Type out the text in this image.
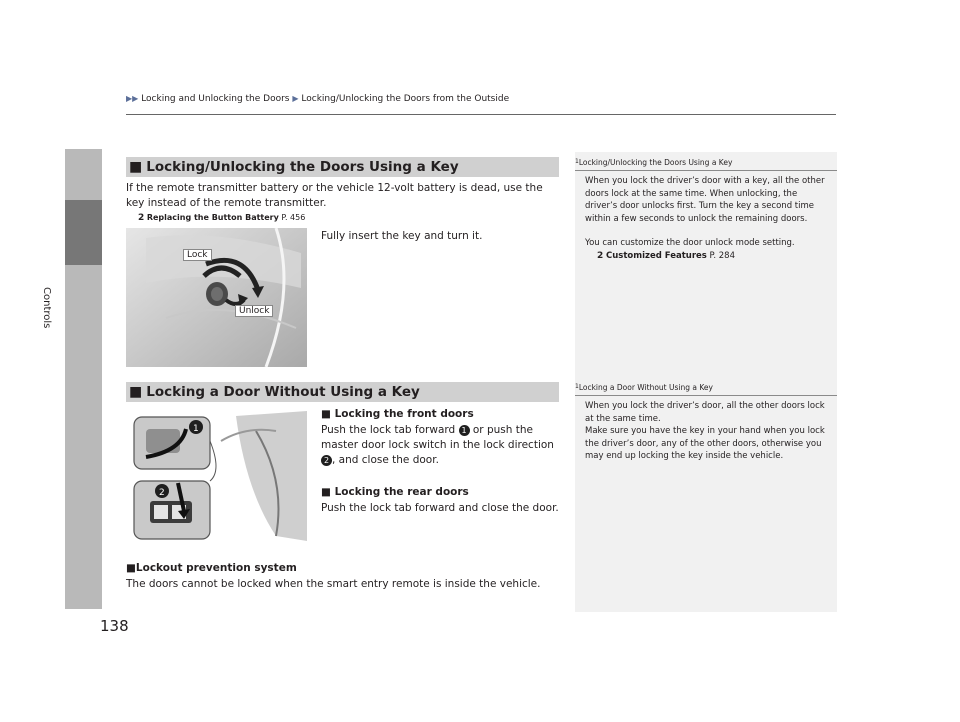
Controls
138
▶▶ Locking and Unlocking the Doors ▶ Locking/Unlocking the Doors from the Outside
■ Locking/Unlocking the Doors Using a Key
If the remote transmitter battery or the vehicle 12-volt battery is dead, use the key instead of the remote transmitter.
2 Replacing the Button Battery P. 456
Lock
Unlock
Fully insert the key and turn it.
■ Locking a Door Without Using a Key
1
2
■ Locking the front doors
Push the lock tab forward 1 or push the master door lock switch in the lock direction 2 , and close the door.
■ Locking the rear doors
Push the lock tab forward and close the door.
■Lockout prevention system
The doors cannot be locked when the smart entry remote is inside the vehicle.
$^1$Locking/Unlocking the Doors Using a Key
When you lock the driver’s door with a key, all the other doors lock at the same time. When unlocking, the driver’s door unlocks first. Turn the key a second time within a few seconds to unlock the remaining doors.
You can customize the door unlock mode setting.
2 Customized Features P. 284
$^1$Locking a Door Without Using a Key
When you lock the driver’s door, all the other doors lock at the same time.
Make sure you have the key in your hand when you lock the driver’s door, any of the other doors, otherwise you may end up locking the key inside the vehicle.
